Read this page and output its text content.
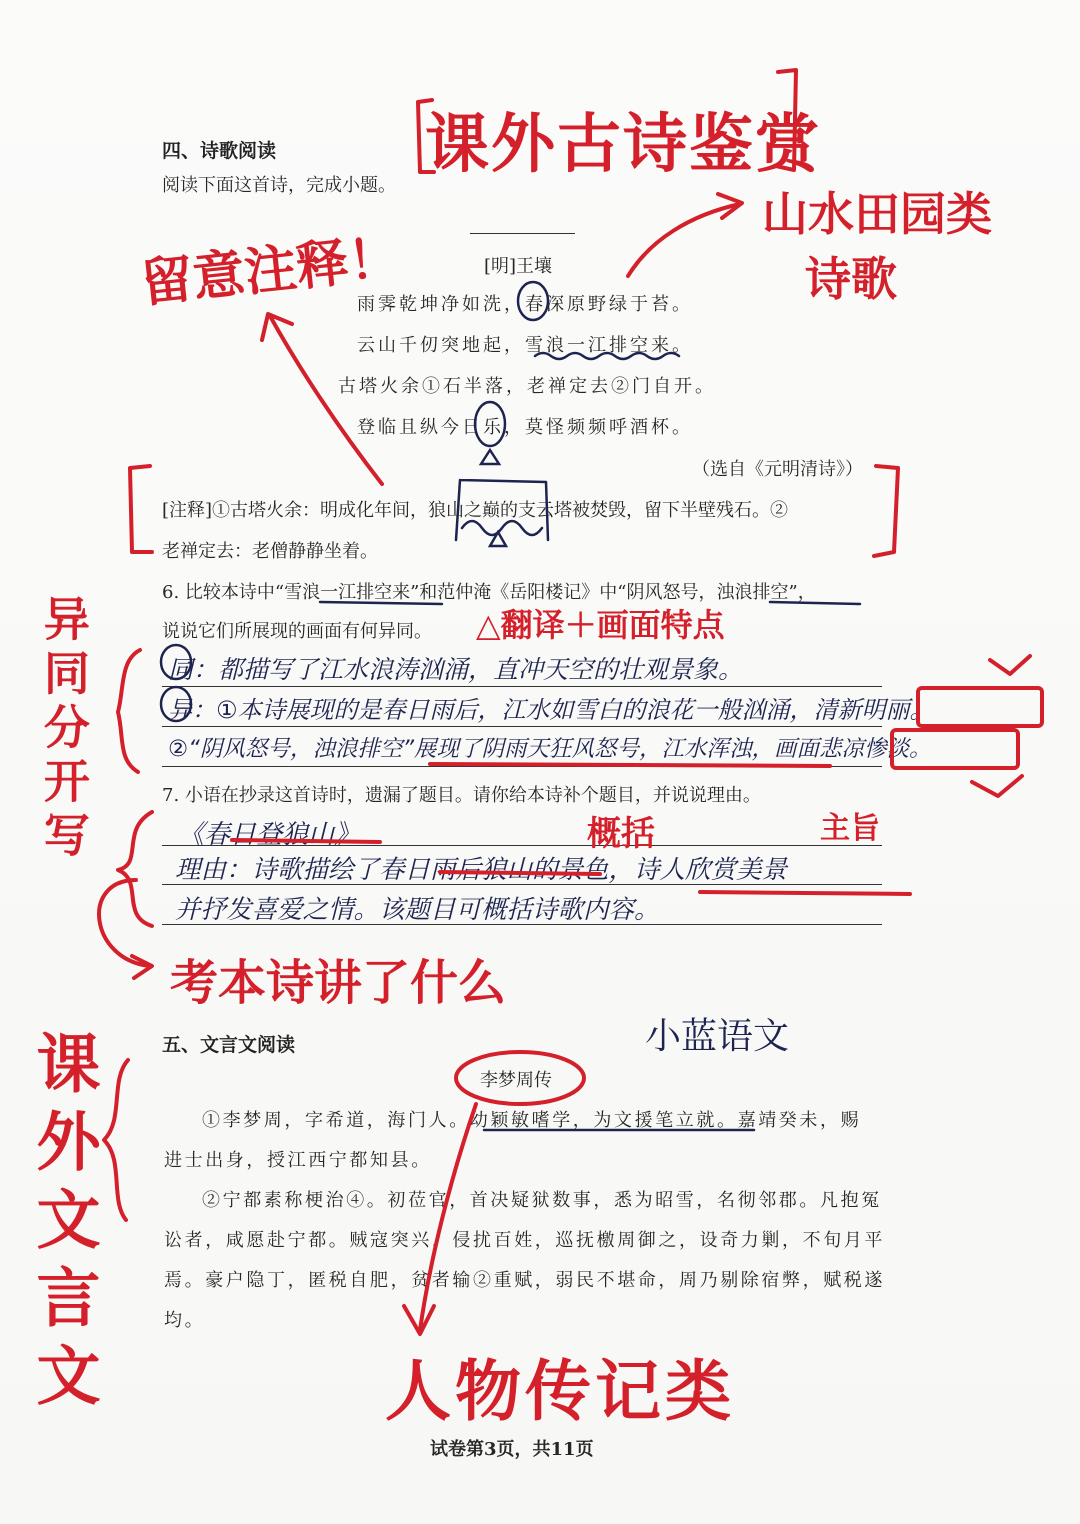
四、诗歌阅读
阅读下面这首诗，完成小题。
[明]王壤
雨霁乾坤净如洗，春深原野绿于苔。
云山千仞突地起，雪浪一江排空来。
古塔火余①石半落，老禅定去②门自开。
登临且纵今日乐，莫怪频频呼酒杯。
（选自《元明清诗》）
[注释]①古塔火余：明成化年间，狼山之巅的支云塔被焚毁，留下半壁残石。②
老禅定去：老僧静静坐着。
6. 比较本诗中“雪浪一江排空来”和范仲淹《岳阳楼记》中“阴风怒号，浊浪排空”，
说说它们所展现的画面有何异同。
同：都描写了江水浪涛汹涌，直冲天空的壮观景象。
异：①本诗展现的是春日雨后，江水如雪白的浪花一般汹涌，清新明丽。
②“阴风怒号，浊浪排空”展现了阴雨天狂风怒号，江水浑浊，画面悲凉惨淡。
7. 小语在抄录这首诗时，遗漏了题目。请你给本诗补个题目，并说说理由。
《春日登狼山》
理由：诗歌描绘了春日雨后狼山的景色，诗人欣赏美景
并抒发喜爱之情。该题目可概括诗歌内容。
五、文言文阅读
李梦周传
①李梦周，字希道，海门人。幼颖敏嗜学，为文援笔立就。嘉靖癸未，赐
进士出身，授江西宁都知县。
②宁都素称梗治④。初莅官，首决疑狱数事，悉为昭雪，名彻邻郡。凡抱冤
讼者，咸愿赴宁都。贼寇突兴，侵扰百姓，巡抚檄周御之，设奇力剿，不旬月平
焉。豪户隐丁，匿税自肥，贫者输②重赋，弱民不堪命，周乃剔除宿弊，赋税遂
均。
试卷第3页，共11页
课外古诗鉴赏
山水田园类
诗歌
留意注释！
△翻译＋画面特点
概括	主旨
考本诗讲了什么
小蓝语文
人物传记类
异同分开写
课外文言文
